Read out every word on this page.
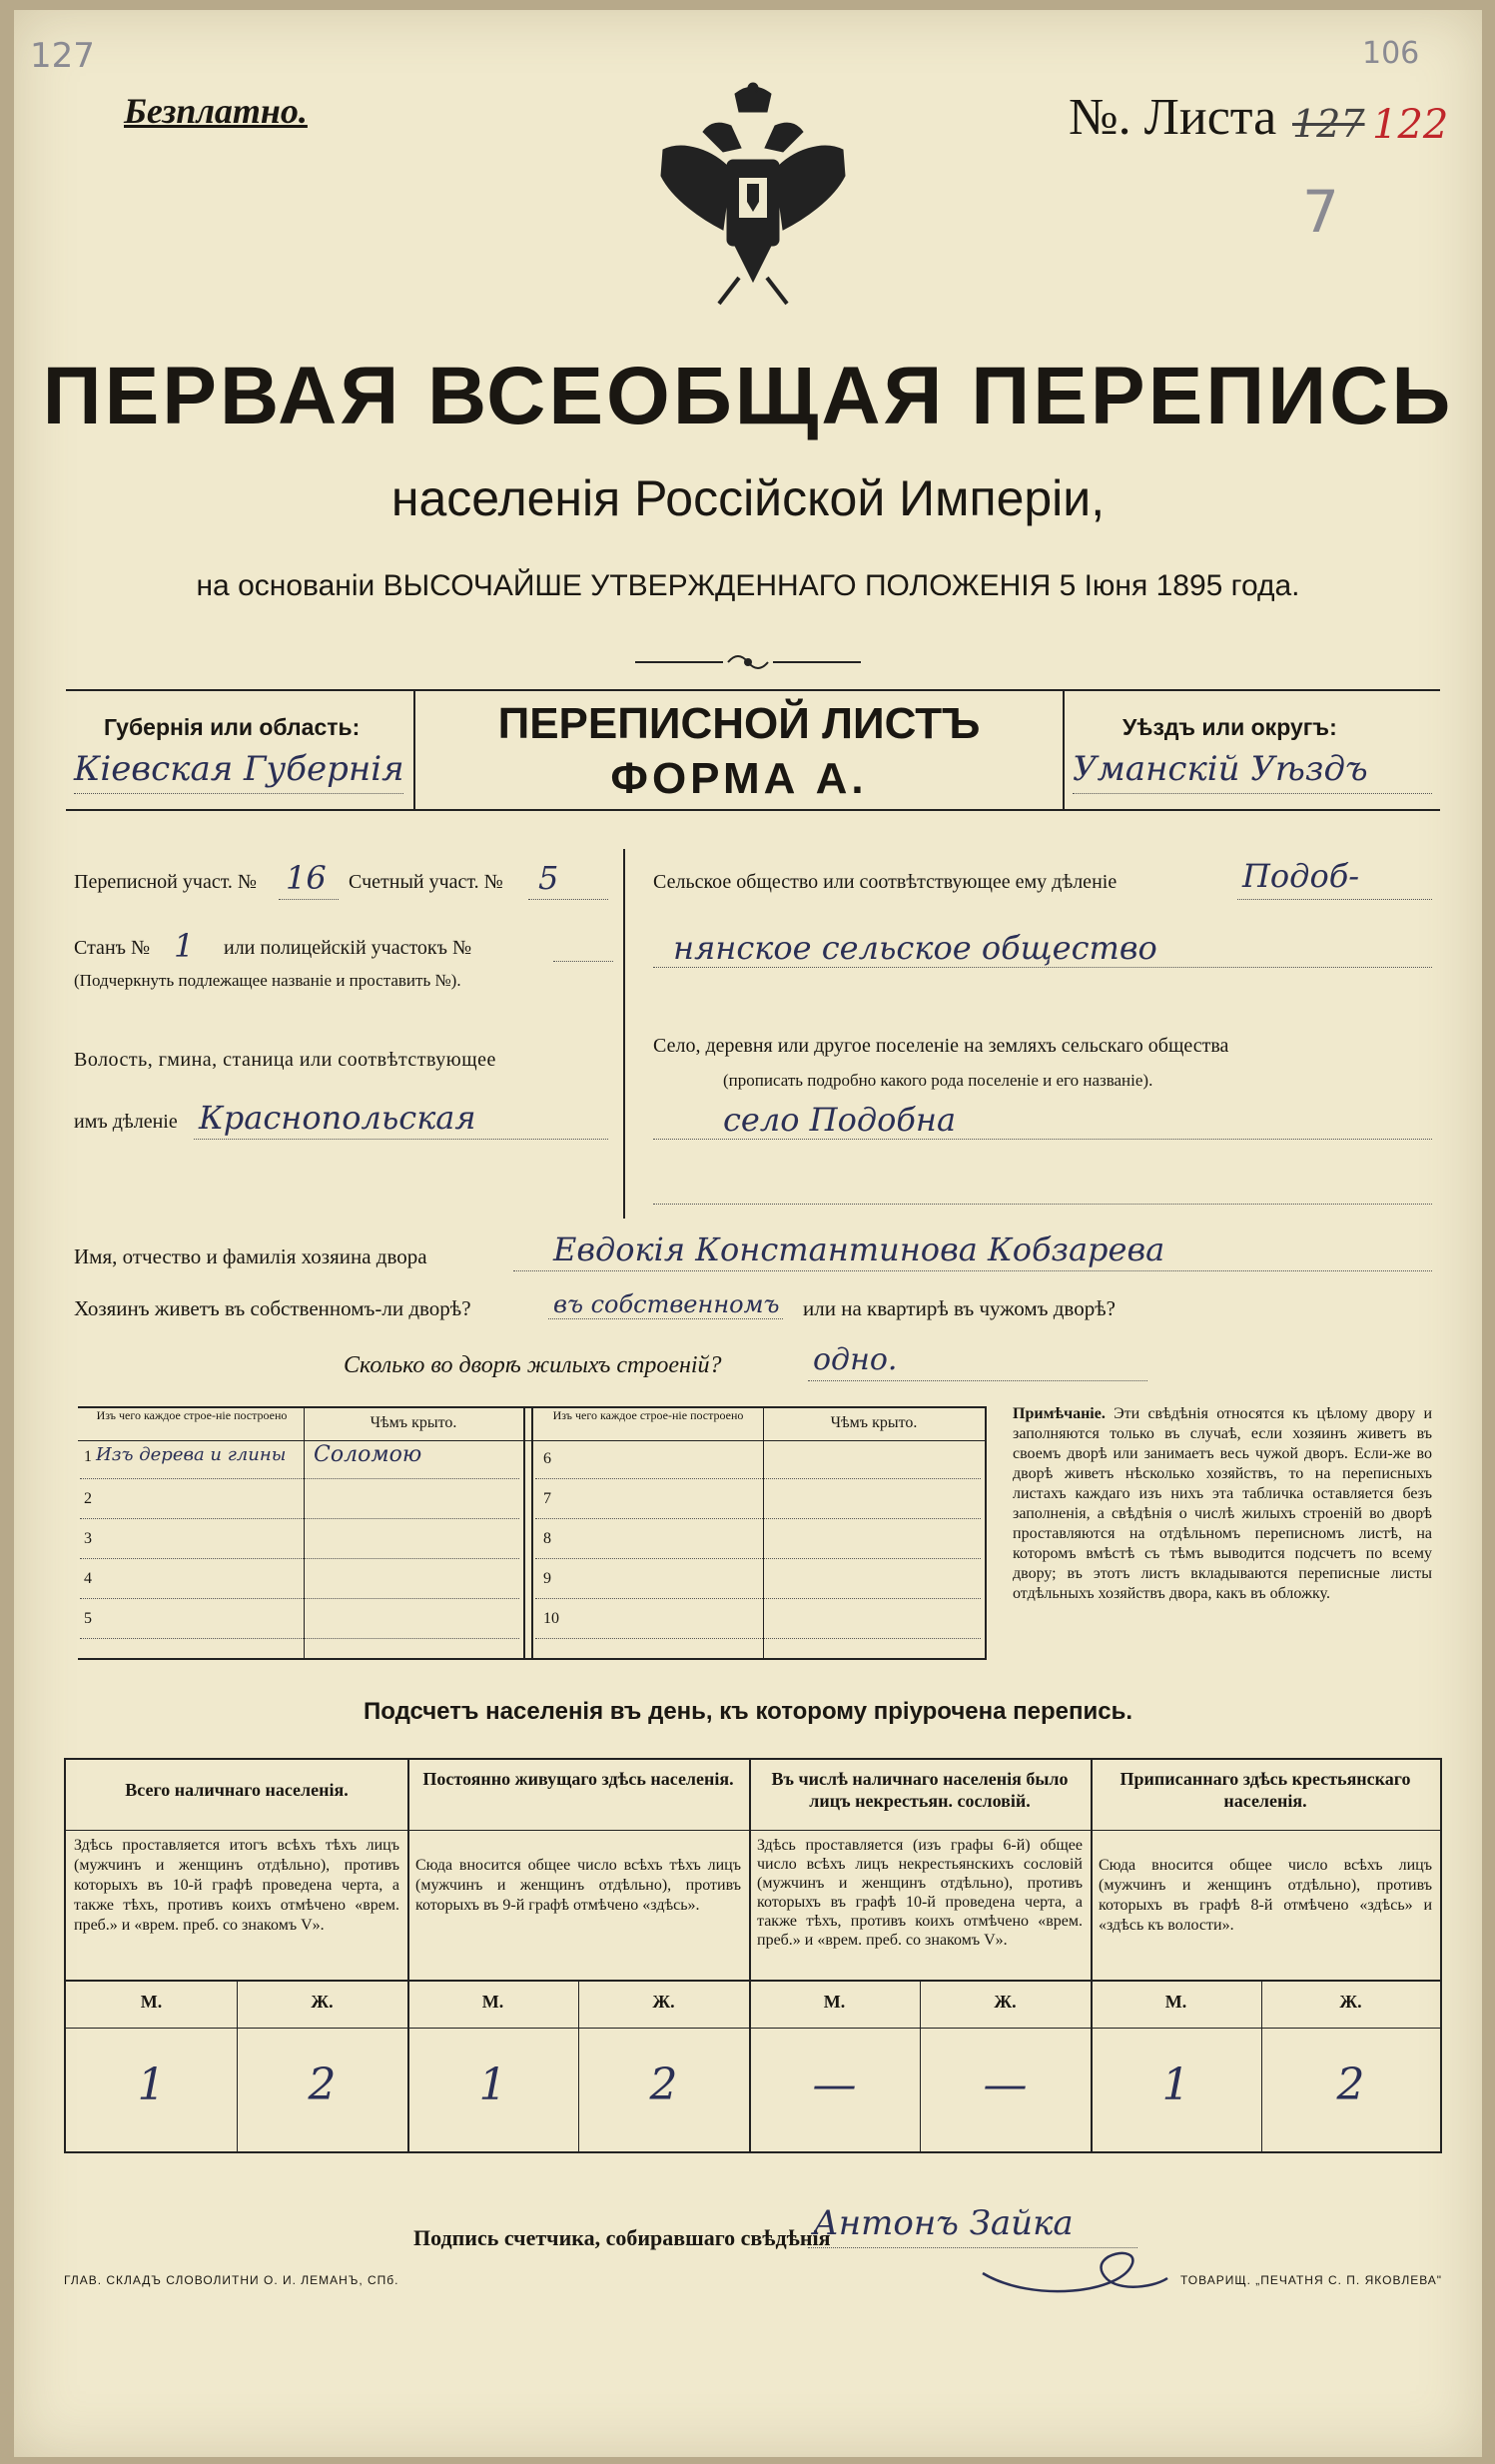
127	106
Безплатно.	№. Листа 127 122
7
ПЕРВАЯ ВСЕОБЩАЯ ПЕРЕПИСЬ
населенія Россійской Имперіи,
на основаніи ВЫСОЧАЙШЕ УТВЕРЖДЕННАГО ПОЛОЖЕНІЯ 5 Іюня 1895 года.
Губернія или область:
Кіевская Губернія
ПЕРЕПИСНОЙ ЛИСТЪ
ФОРМА А.
Уѣздъ или округъ:
Уманскій Уѣздъ
Переписной участ. № 16 Счетный участ. № 5
Станъ № 1 или полицейскій участокъ №
(Подчеркнуть подлежащее названіе и проставить №).
Волость, гмина, станица или соотвѣтствующее
имъ дѣленіе Краснопольская
Сельское общество или соотвѣтствующее ему дѣленіе	Подоб-
нянское сельское общество
Село, деревня или другое поселеніе на земляхъ сельскаго общества
(прописать подробно какого рода поселеніе и его названіе).
село Подобна
Имя, отчество и фамилія хозяина двора	Евдокія Константинова Кобзарева
Хозяинъ живетъ въ собственномъ-ли дворѣ?	въ собственномъ или на квартирѣ въ чужомъ дворѣ?
Сколько во дворѣ жилыхъ строеній?	одно.
Изъ чего каждое строе-ніе построено	Чѣмъ крыто.	Изъ чего каждое строе-ніе построено	Чѣмъ крыто.
1 Изъ дерева и глины Соломою
2
3
4
5
6
7
8
9
10
Примѣчаніе. Эти свѣдѣнія относятся къ цѣлому двору и заполняются только въ случаѣ, если хозяинъ живетъ въ своемъ дворѣ или занимаетъ весь чужой дворъ. Если-же во дворѣ живетъ нѣсколько хозяйствъ, то на переписныхъ листахъ каждаго изъ нихъ эта табличка оставляется безъ заполненія, а свѣдѣнія о числѣ жилыхъ строеній во дворѣ проставляются на отдѣльномъ переписномъ листѣ, на которомъ вмѣстѣ съ тѣмъ выводится подсчетъ по всему двору; въ этотъ листъ вкладываются переписные листы отдѣльныхъ хозяйствъ двора, какъ въ обложку.
Подсчетъ населенія въ день, къ которому пріурочена перепись.
Всего наличнаго населенія.
Здѣсь проставляется итогъ всѣхъ тѣхъ лицъ (мужчинъ и женщинъ отдѣльно), противъ которыхъ въ 10-й графѣ проведена черта, а также тѣхъ, противъ коихъ отмѣчено «врем. преб.» и «врем. преб. со знакомъ V».
М.	Ж.
1	2
Постоянно живущаго здѣсь населенія.
Сюда вносится общее число всѣхъ тѣхъ лицъ (мужчинъ и женщинъ отдѣльно), противъ которыхъ въ 9-й графѣ отмѣчено «здѣсь».
М.	Ж.
1	2
Въ числѣ наличнаго населенія было лицъ некрестьян. сословій.
Здѣсь проставляется (изъ графы 6-й) общее число всѣхъ лицъ некрестьянскихъ сословій (мужчинъ и женщинъ отдѣльно), противъ которыхъ въ графѣ 10-й проведена черта, а также тѣхъ, противъ коихъ отмѣчено «врем. преб.» и «врем. преб. со знакомъ V».
М.	Ж.
—	—
Приписаннаго здѣсь крестьянскаго населенія.
Сюда вносится общее число всѣхъ лицъ (мужчинъ и женщинъ отдѣльно), противъ которыхъ въ графѣ 8-й отмѣчено «здѣсь» и «здѣсь къ волости».
М.	Ж.
1	2
Подпись счетчика, собиравшаго свѣдѣнія
Антонъ Зайка
ГЛАВ. СКЛАДЪ СЛОВОЛИТНИ О. И. ЛЕМАНЪ, СПб.	ТОВАРИЩ. „ПЕЧАТНЯ С. П. ЯКОВЛЕВА"
